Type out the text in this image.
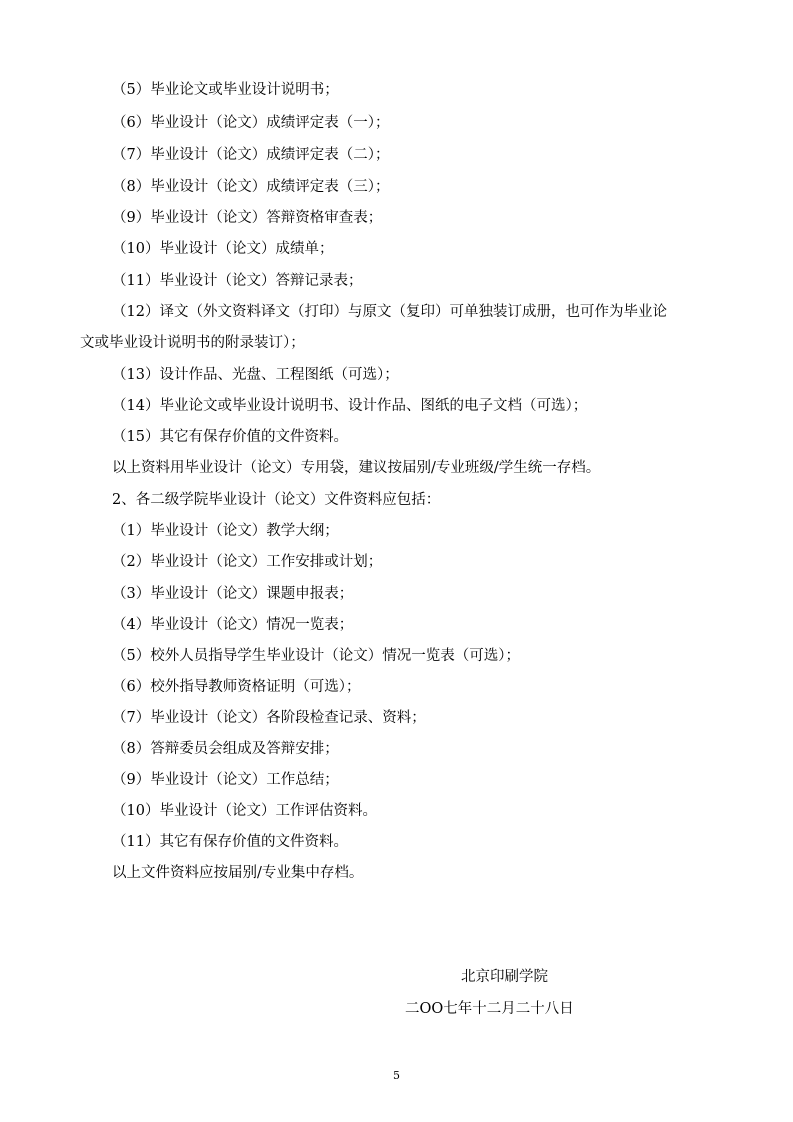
（5）毕业论文或毕业设计说明书；
（6）毕业设计（论文）成绩评定表（一）；
（7）毕业设计（论文）成绩评定表（二）；
（8）毕业设计（论文）成绩评定表（三）；
（9）毕业设计（论文）答辩资格审查表；
（10）毕业设计（论文）成绩单；
（11）毕业设计（论文）答辩记录表；
（12）译文（外文资料译文（打印）与原文（复印）可单独装订成册，也可作为毕业论
文或毕业设计说明书的附录装订）；
（13）设计作品、光盘、工程图纸（可选）；
（14）毕业论文或毕业设计说明书、设计作品、图纸的电子文档（可选）；
（15）其它有保存价值的文件资料。
以上资料用毕业设计（论文）专用袋，建议按届别/专业班级/学生统一存档。
2、各二级学院毕业设计（论文）文件资料应包括：
（1）毕业设计（论文）教学大纲；
（2）毕业设计（论文）工作安排或计划；
（3）毕业设计（论文）课题申报表；
（4）毕业设计（论文）情况一览表；
（5）校外人员指导学生毕业设计（论文）情况一览表（可选）；
（6）校外指导教师资格证明（可选）；
（7）毕业设计（论文）各阶段检查记录、资料；
（8）答辩委员会组成及答辩安排；
（9）毕业设计（论文）工作总结；
（10）毕业设计（论文）工作评估资料。
（11）其它有保存价值的文件资料。
以上文件资料应按届别/专业集中存档。
北京印刷学院
二OO七年十二月二十八日
5
